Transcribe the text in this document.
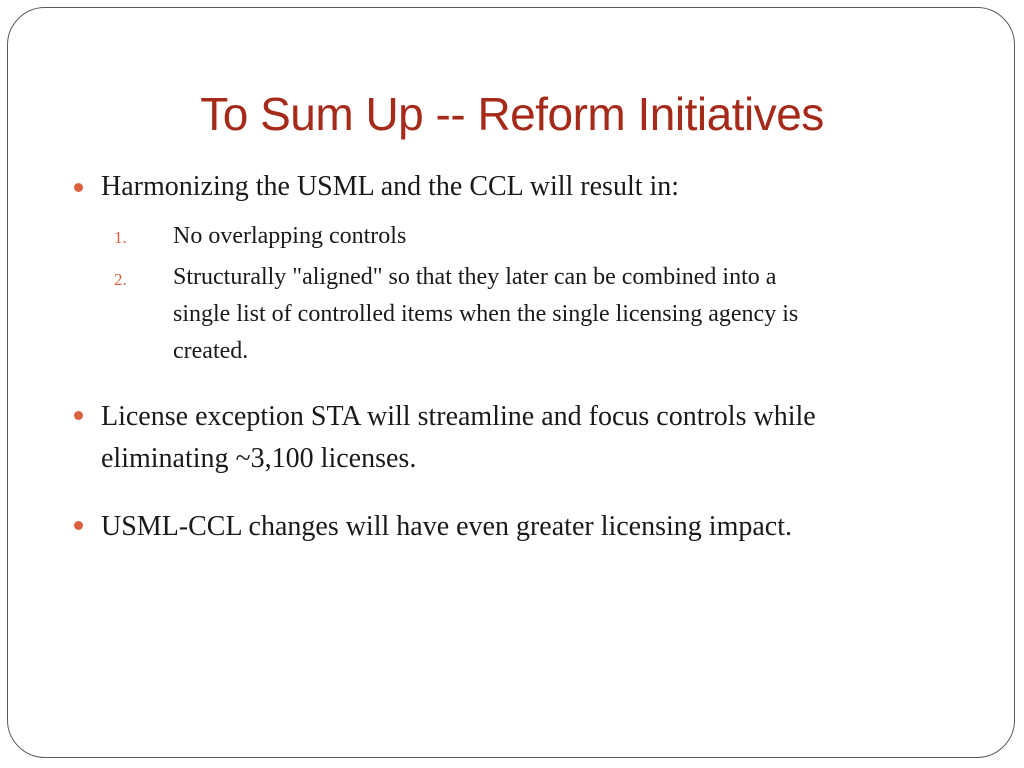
To Sum Up -- Reform Initiatives
Harmonizing the USML and the CCL will result in:
1. No overlapping controls
2. Structurally "aligned" so that they later can be combined into a
single list of controlled items when the single licensing agency is
created.
License exception STA will streamline and focus controls while
eliminating ~3,100 licenses.
USML-CCL changes will have even greater licensing impact.
